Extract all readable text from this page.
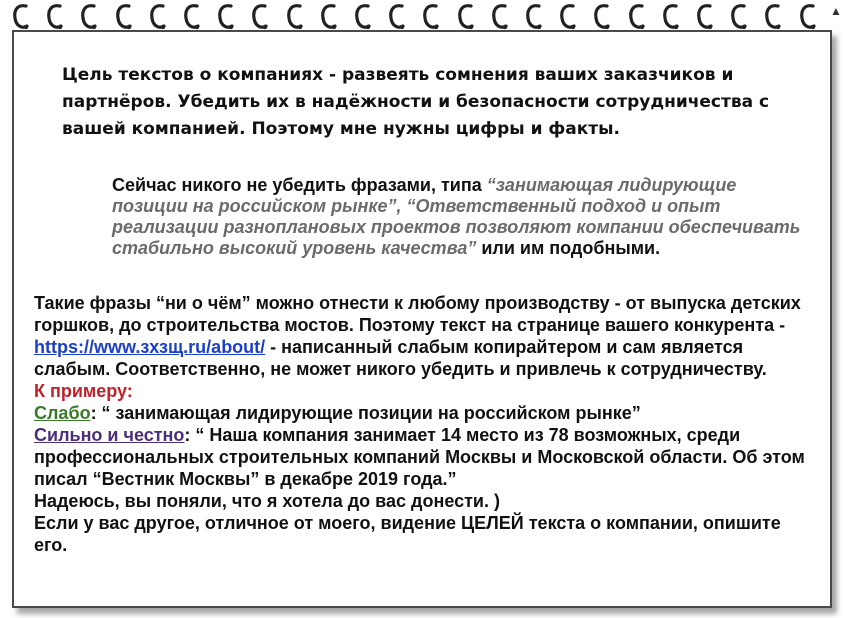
▲
Цель текстов о компаниях - развеять сомнения ваших заказчиков и партнёров. Убедить их в надёжности и безопасности сотрудничества с вашей компанией. Поэтому мне нужны цифры и факты.
Сейчас никого не убедить фразами, типа “занимающая лидирующие позиции на российском рынке”, “Ответственный подход и опыт реализации разноплановых проектов позволяют компании обеспечивать стабильно высокий уровень качества” или им подобными.
Такие фразы “ни о чём” можно отнести к любому производству - от выпуска детских горшков, до строительства мостов. Поэтому текст на странице вашего конкурента - https://www.зхзщ.ru/about/ - написанный слабым копирайтером и сам является слабым. Соответственно, не может никого убедить и привлечь к сотрудничеству.
К примеру:
Слабо: “ занимающая лидирующие позиции на российском рынке”
Сильно и честно: “ Наша компания занимает 14 место из 78 возможных, среди профессиональных строительных компаний Москвы и Московской области. Об этом писал “Вестник Москвы” в декабре 2019 года.”
Надеюсь, вы поняли, что я хотела до вас донести. )
Если у вас другое, отличное от моего, видение ЦЕЛЕЙ текста о компании, опишите его.
